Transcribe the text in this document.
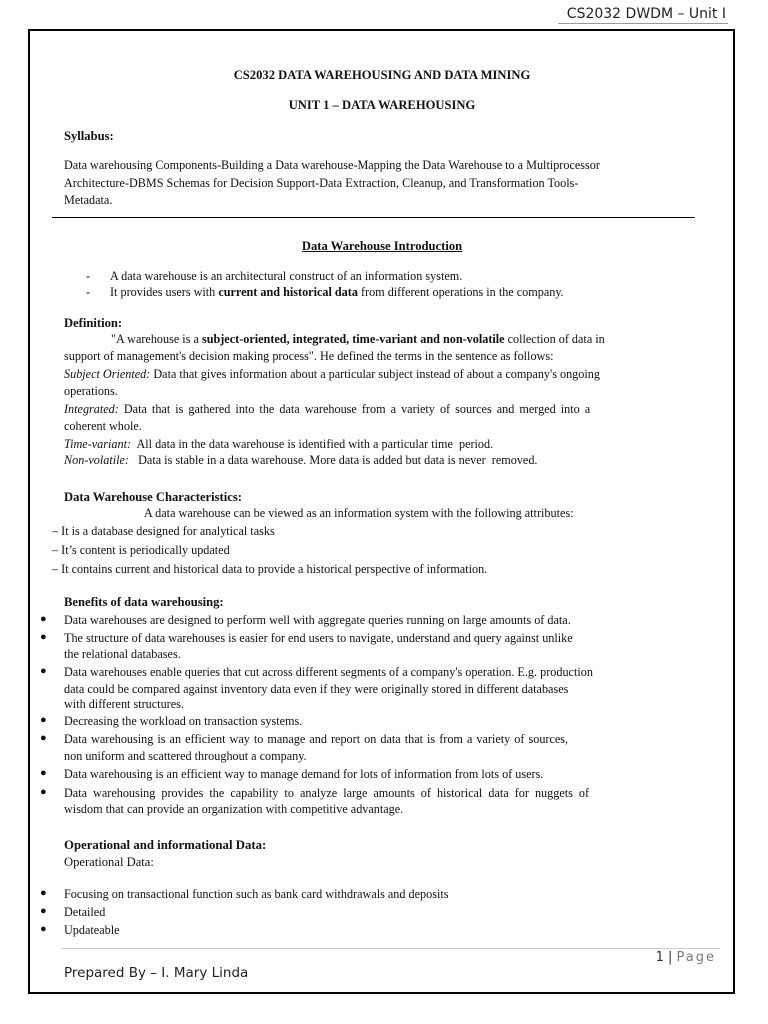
CS2032 DWDM – Unit I
CS2032 DATA WAREHOUSING AND DATA MINING
UNIT 1 – DATA WAREHOUSING
Syllabus:
Data warehousing Components-Building a Data warehouse-Mapping the Data Warehouse to a Multiprocessor
Architecture-DBMS Schemas for Decision Support-Data Extraction, Cleanup, and Transformation Tools-
Metadata.
Data Warehouse Introduction
- A data warehouse is an architectural construct of an information system.
- It provides users with current and historical data from different operations in the company.
Definition:
"A warehouse is a subject-oriented, integrated, time-variant and non-volatile collection of data in
support of management's decision making process". He defined the terms in the sentence as follows:
Subject Oriented: Data that gives information about a particular subject instead of about a company's ongoing
operations.
Integrated: Data that is gathered into the data warehouse from a variety of sources and merged into a
coherent whole.
Time-variant:  All data in the data warehouse is identified with a particular time  period.
Non-volatile:   Data is stable in a data warehouse. More data is added but data is never  removed.
Data Warehouse Characteristics:
A data warehouse can be viewed as an information system with the following attributes:
– It is a database designed for analytical tasks
– It’s content is periodically updated
– It contains current and historical data to provide a historical perspective of information.
Benefits of data warehousing:
● Data warehouses are designed to perform well with aggregate queries running on large amounts of data.
● The structure of data warehouses is easier for end users to navigate, understand and query against unlike
the relational databases.
● Data warehouses enable queries that cut across different segments of a company's operation. E.g. production
data could be compared against inventory data even if they were originally stored in different databases
with different structures.
● Decreasing the workload on transaction systems.
● Data warehousing is an efficient way to manage and report on data that is from a variety of sources,
non uniform and scattered throughout a company.
● Data warehousing is an efficient way to manage demand for lots of information from lots of users.
● Data warehousing provides the capability to analyze large amounts of historical data for nuggets of
wisdom that can provide an organization with competitive advantage.
Operational and informational Data:
Operational Data:
● Focusing on transactional function such as bank card withdrawals and deposits
● Detailed
● Updateable
1 | Page
Prepared By – I. Mary Linda
